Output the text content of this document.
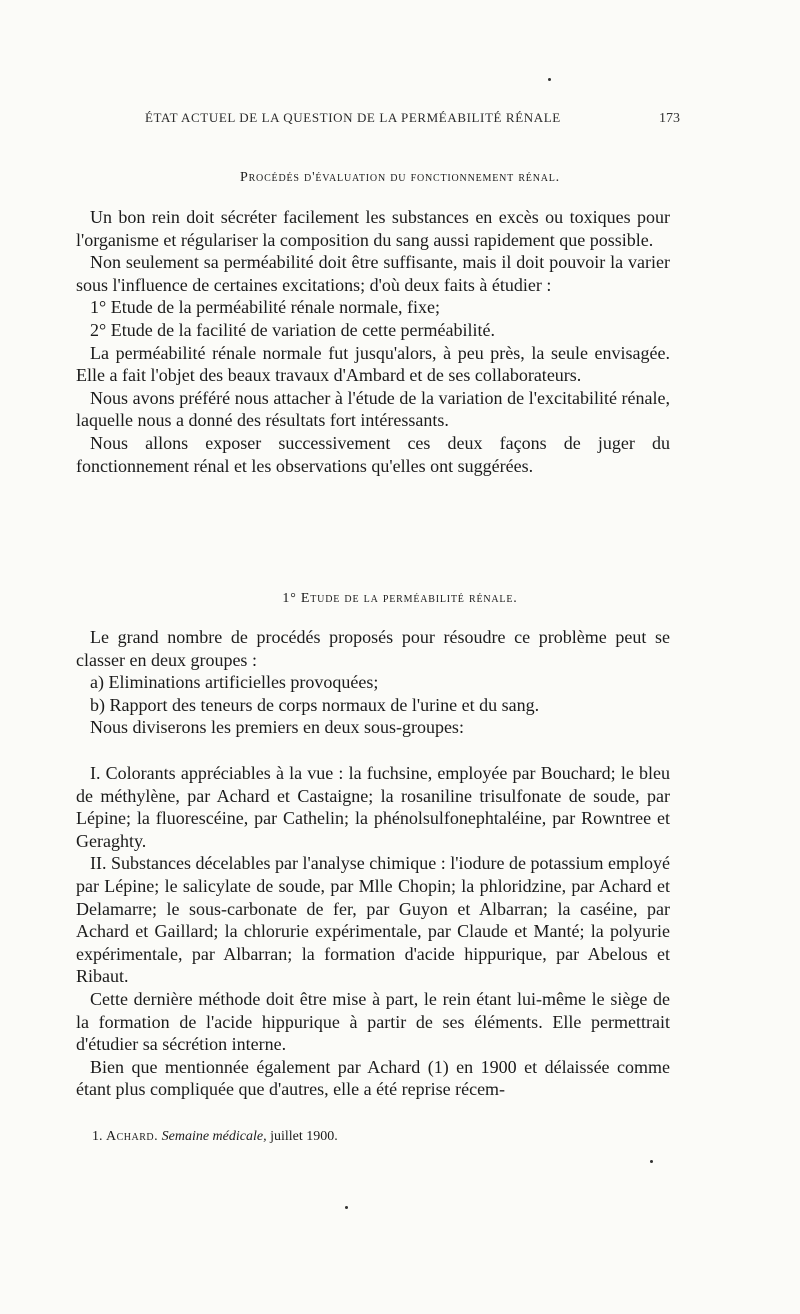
ÉTAT ACTUEL DE LA QUESTION DE LA PERMÉABILITÉ RÉNALE	173
Procédés d'évaluation du fonctionnement rénal.

Un bon rein doit sécréter facilement les substances en excès ou toxiques pour l'organisme et régulariser la composition du sang aussi rapidement que possible.

Non seulement sa perméabilité doit être suffisante, mais il doit pouvoir la varier sous l'influence de certaines excitations; d'où deux faits à étudier :

1° Etude de la perméabilité rénale normale, fixe;

2° Etude de la facilité de variation de cette perméabilité.

La perméabilité rénale normale fut jusqu'alors, à peu près, la seule envisagée. Elle a fait l'objet des beaux travaux d'Ambard et de ses collaborateurs.

Nous avons préféré nous attacher à l'étude de la variation de l'excitabilité rénale, laquelle nous a donné des résultats fort intéressants.

Nous allons exposer successivement ces deux façons de juger du fonctionnement rénal et les observations qu'elles ont suggérées.

1° Etude de la perméabilité rénale.

Le grand nombre de procédés proposés pour résoudre ce problème peut se classer en deux groupes :

a) Eliminations artificielles provoquées;

b) Rapport des teneurs de corps normaux de l'urine et du sang.

Nous diviserons les premiers en deux sous-groupes:

I. Colorants appréciables à la vue : la fuchsine, employée par Bouchard; le bleu de méthylène, par Achard et Castaigne; la rosaniline trisulfonate de soude, par Lépine; la fluorescéine, par Cathelin; la phénolsulfonephtaléine, par Rowntree et Geraghty.

II. Substances décelables par l'analyse chimique : l'iodure de potassium employé par Lépine; le salicylate de soude, par Mlle Chopin; la phloridzine, par Achard et Delamarre; le sous-carbonate de fer, par Guyon et Albarran; la caséine, par Achard et Gaillard; la chlorurie expérimentale, par Claude et Manté; la polyurie expérimentale, par Albarran; la formation d'acide hippurique, par Abelous et Ribaut.

Cette dernière méthode doit être mise à part, le rein étant lui-même le siège de la formation de l'acide hippurique à partir de ses éléments. Elle permettrait d'étudier sa sécrétion interne.

Bien que mentionnée également par Achard (1) en 1900 et délaissée comme étant plus compliquée que d'autres, elle a été reprise récem-

1. Achard. Semaine médicale, juillet 1900.
